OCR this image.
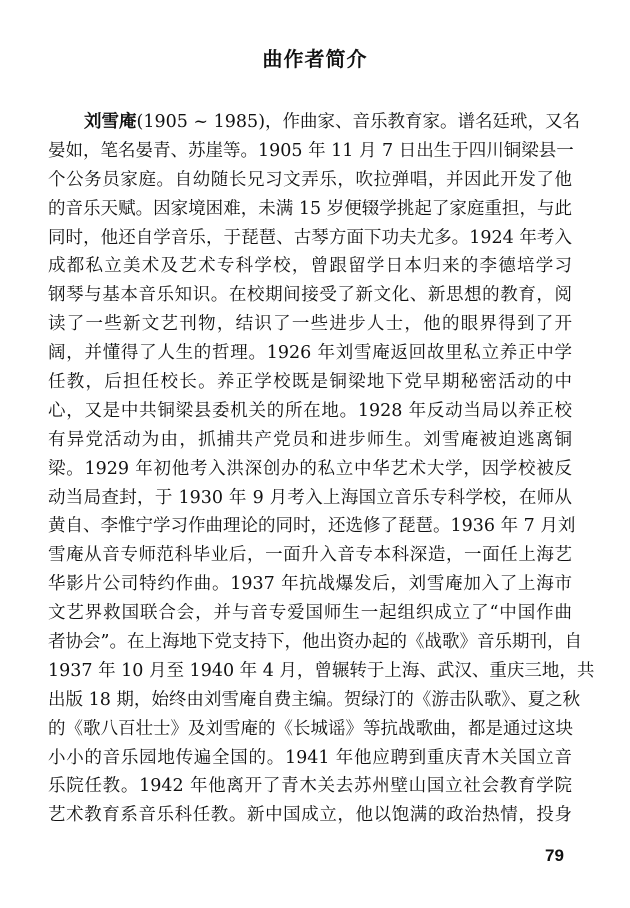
曲作者简介
刘雪庵(1905 ~ 1985)，作曲家、音乐教育家。谱名廷玳，又名
晏如，笔名晏青、苏崖等。1905 年 11 月 7 日出生于四川铜梁县一
个公务员家庭。自幼随长兄习文弄乐，吹拉弹唱，并因此开发了他
的音乐天赋。因家境困难，未满 15 岁便辍学挑起了家庭重担，与此
同时，他还自学音乐，于琵琶、古琴方面下功夫尤多。1924 年考入
成都私立美术及艺术专科学校，曾跟留学日本归来的李德培学习
钢琴与基本音乐知识。在校期间接受了新文化、新思想的教育，阅
读了一些新文艺刊物，结识了一些进步人士，他的眼界得到了开
阔，并懂得了人生的哲理。1926 年刘雪庵返回故里私立养正中学
任教，后担任校长。养正学校既是铜梁地下党早期秘密活动的中
心，又是中共铜梁县委机关的所在地。1928 年反动当局以养正校
有异党活动为由，抓捕共产党员和进步师生。刘雪庵被迫逃离铜
梁。1929 年初他考入洪深创办的私立中华艺术大学，因学校被反
动当局查封，于 1930 年 9 月考入上海国立音乐专科学校，在师从
黄自、李惟宁学习作曲理论的同时，还选修了琵琶。1936 年 7 月刘
雪庵从音专师范科毕业后，一面升入音专本科深造，一面任上海艺
华影片公司特约作曲。1937 年抗战爆发后，刘雪庵加入了上海市
文艺界救国联合会，并与音专爱国师生一起组织成立了“中国作曲
者协会”。在上海地下党支持下，他出资办起的《战歌》音乐期刊，自
1937 年 10 月至 1940 年 4 月，曾辗转于上海、武汉、重庆三地，共
出版 18 期，始终由刘雪庵自费主编。贺绿汀的《游击队歌》、夏之秋
的《歌八百壮士》及刘雪庵的《长城谣》等抗战歌曲，都是通过这块
小小的音乐园地传遍全国的。1941 年他应聘到重庆青木关国立音
乐院任教。1942 年他离开了青木关去苏州壁山国立社会教育学院
艺术教育系音乐科任教。新中国成立，他以饱满的政治热情，投身
79
